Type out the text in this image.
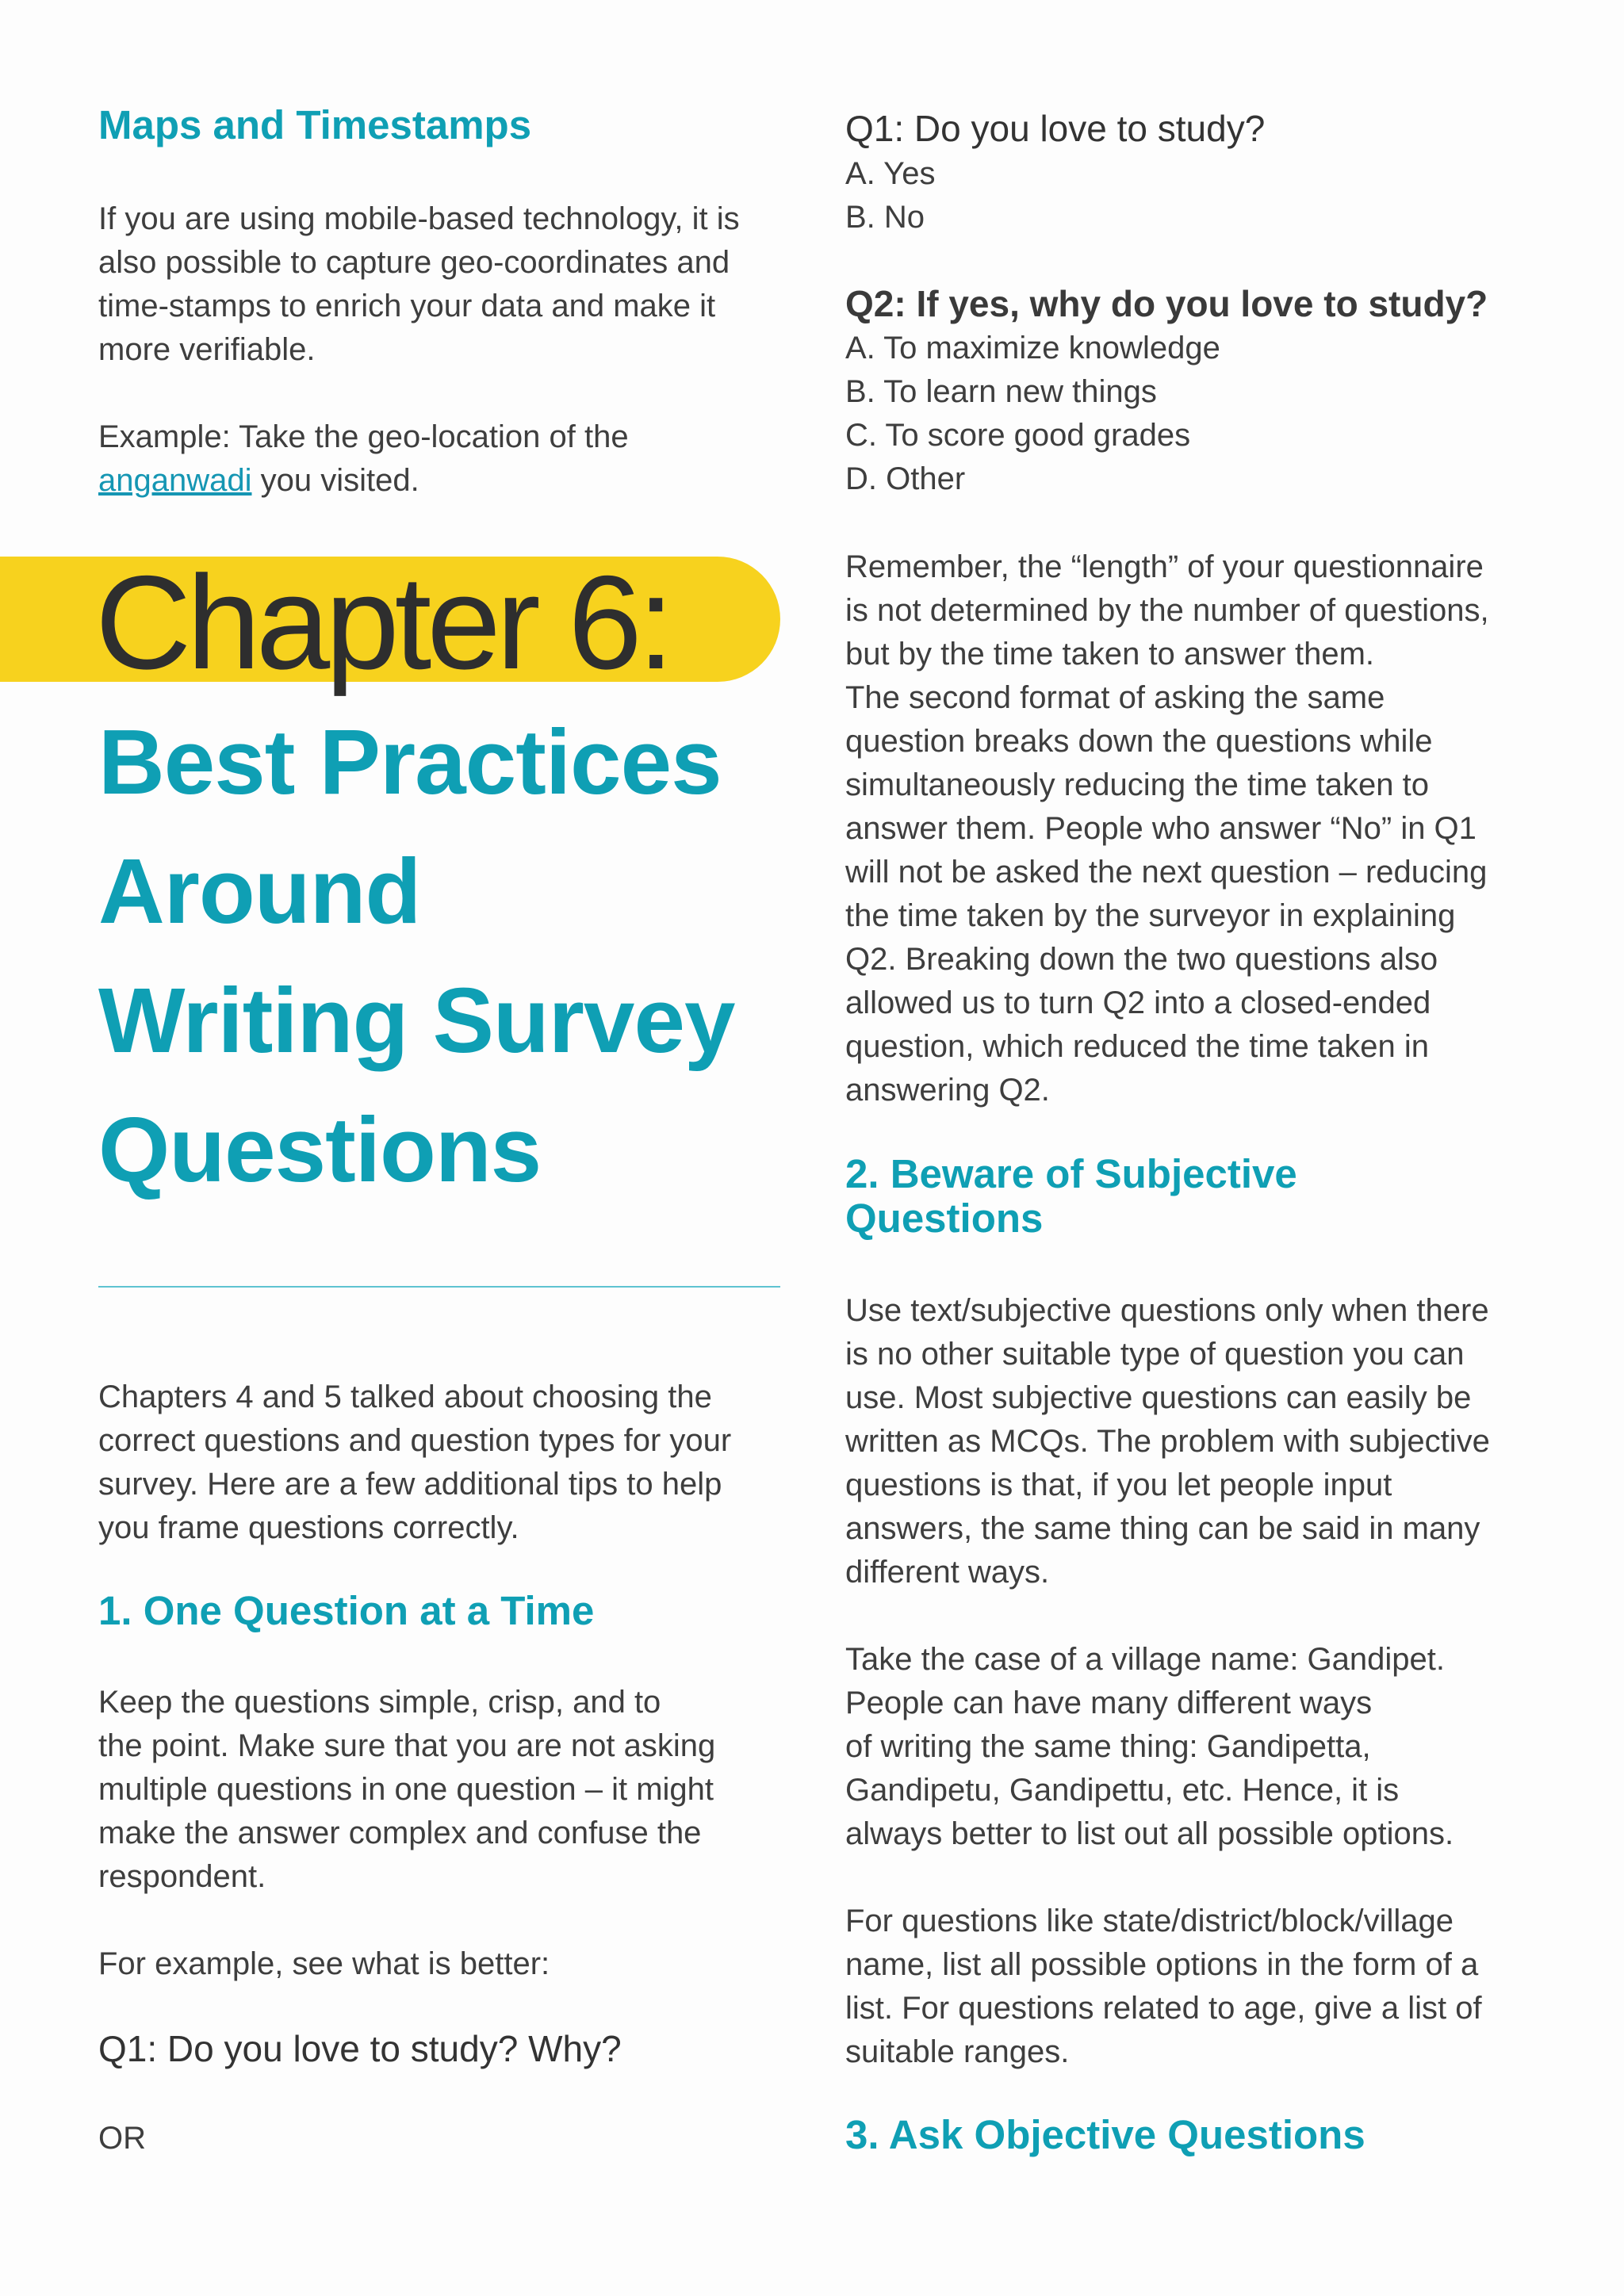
Maps and Timestamps

If you are using mobile-based technology, it is
also possible to capture geo-coordinates and
time-stamps to enrich your data and make it
more verifiable.

Example: Take the geo-location of the
anganwadi you visited.

Chapter 6:
Best Practices
Around
Writing Survey
Questions

Chapters 4 and 5 talked about choosing the
correct questions and question types for your
survey. Here are a few additional tips to help
you frame questions correctly.

1. One Question at a Time

Keep the questions simple, crisp, and to
the point. Make sure that you are not asking
multiple questions in one question – it might
make the answer complex and confuse the
respondent.

For example, see what is better:

Q1: Do you love to study? Why?

OR

Q1: Do you love to study?

A. Yes
B. No

Q2: If yes, why do you love to study?

A. To maximize knowledge
B. To learn new things
C. To score good grades
D. Other

Remember, the “length” of your questionnaire
is not determined by the number of questions,
but by the time taken to answer them.
The second format of asking the same
question breaks down the questions while
simultaneously reducing the time taken to
answer them. People who answer “No” in Q1
will not be asked the next question – reducing
the time taken by the surveyor in explaining
Q2. Breaking down the two questions also
allowed us to turn Q2 into a closed-ended
question, which reduced the time taken in
answering Q2.

2. Beware of Subjective
Questions

Use text/subjective questions only when there
is no other suitable type of question you can
use. Most subjective questions can easily be
written as MCQs. The problem with subjective
questions is that, if you let people input
answers, the same thing can be said in many
different ways.

Take the case of a village name: Gandipet.
People can have many different ways
of writing the same thing: Gandipetta,
Gandipetu, Gandipettu, etc. Hence, it is
always better to list out all possible options.

For questions like state/district/block/village
name, list all possible options in the form of a
list. For questions related to age, give a list of
suitable ranges.

3. Ask Objective Questions
